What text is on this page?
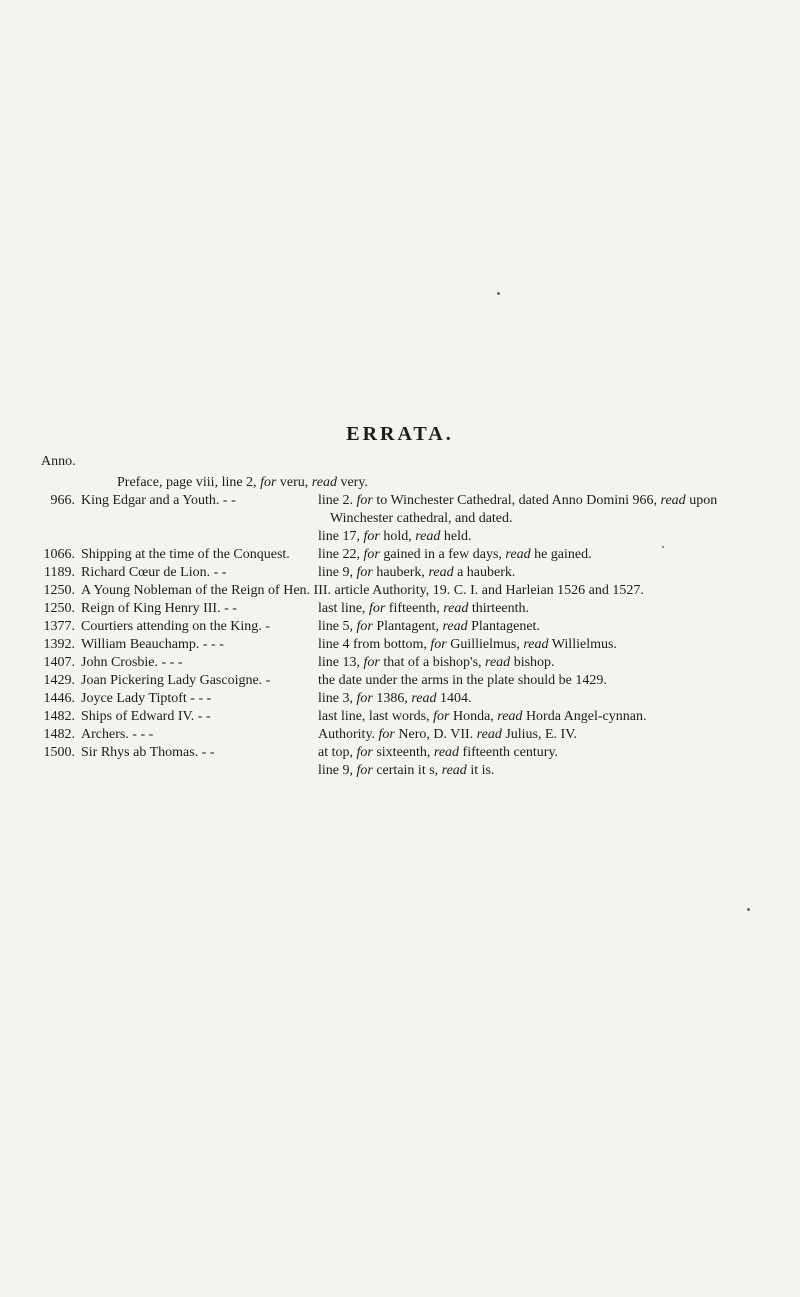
ERRATA.
Anno.
Preface, page viii, line 2, for veru, read very.
966. King Edgar and a Youth. - -	line 2. for to Winchester Cathedral, dated Anno Domini 966, read upon
Winchester cathedral, and dated.
line 17, for hold, read held.
1066. Shipping at the time of the Conquest. line 22, for gained in a few days, read he gained.
1189. Richard Cœur de Lion. - -	line 9, for hauberk, read a hauberk.
1250. A Young Nobleman of the Reign of Hen. III. article Authority, 19. C. I. and Harleian 1526 and 1527.
1250. Reign of King Henry III. - -	last line, for fifteenth, read thirteenth.
1377. Courtiers attending on the King. -	line 5, for Plantagent, read Plantagenet.
1392. William Beauchamp. - - -	line 4 from bottom, for Guillielmus, read Willielmus.
1407. John Crosbie. - - -	line 13, for that of a bishop's, read bishop.
1429. Joan Pickering Lady Gascoigne. -	the date under the arms in the plate should be 1429.
1446. Joyce Lady Tiptoft - - -	line 3, for 1386, read 1404.
1482. Ships of Edward IV. - -	last line, last words, for Honda, read Horda Angel-cynnan.
1482. Archers. - - -	Authority. for Nero, D. VII. read Julius, E. IV.
1500. Sir Rhys ab Thomas. - -	at top, for sixteenth, read fifteenth century.
line 9, for certain it s, read it is.
